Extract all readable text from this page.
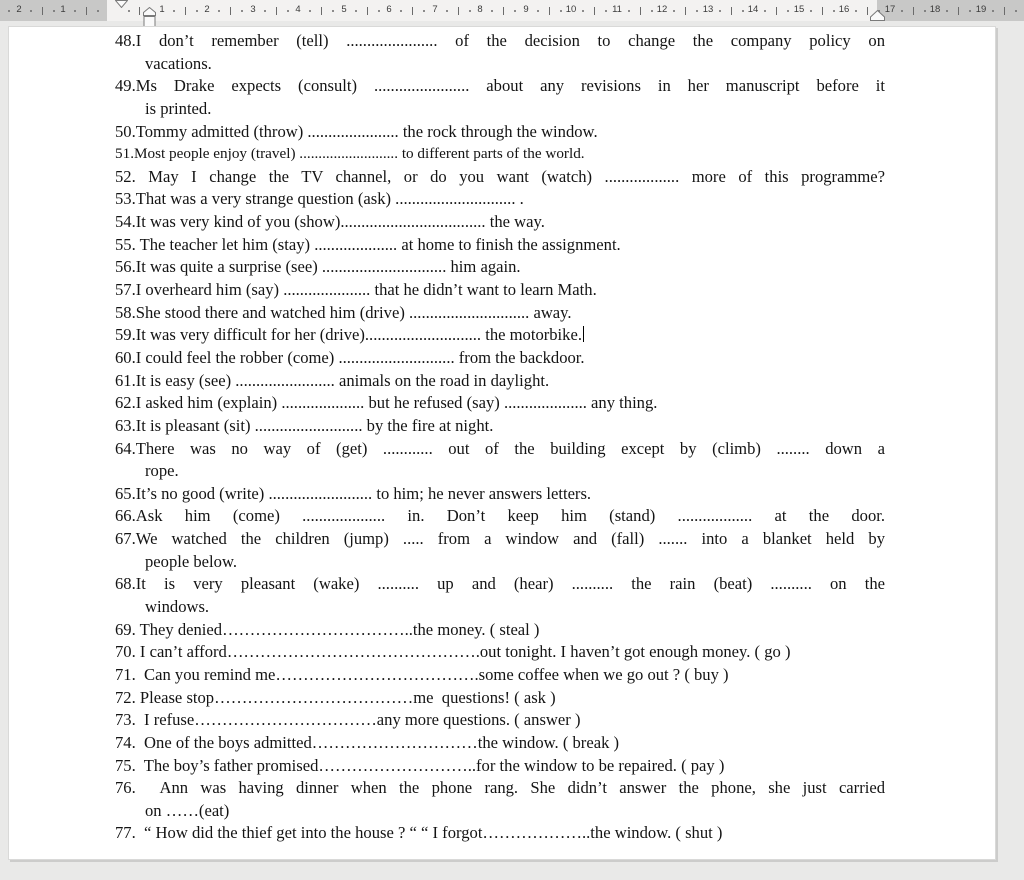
2	1	1	2	3	4	5	6	7	8	9	10	11	12	13	14	15	16	17	18	19
48.I don’t remember (tell) ...................... of the decision to change the company policy on
vacations.
49.Ms Drake expects (consult) ....................... about any revisions in her manuscript before it
is printed.
50.Tommy admitted (throw) ...................... the rock through the window.
51.Most people enjoy (travel) .......................... to different parts of the world.
52. May I change the TV channel, or do you want (watch) .................. more of this programme?
53.That was a very strange question (ask) ............................. .
54.It was very kind of you (show)................................... the way.
55. The teacher let him (stay) .................... at home to finish the assignment.
56.It was quite a surprise (see) .............................. him again.
57.I overheard him (say) ..................... that he didn’t want to learn Math.
58.She stood there and watched him (drive) ............................. away.
59.It was very difficult for her (drive)............................ the motorbike.
60.I could feel the robber (come) ............................ from the backdoor.
61.It is easy (see) ........................ animals on the road in daylight.
62.I asked him (explain) .................... but he refused (say) .................... any thing.
63.It is pleasant (sit) .......................... by the fire at night.
64.There was no way of (get) ............ out of the building except by (climb) ........ down a
rope.
65.It’s no good (write) ......................... to him; he never answers letters.
66.Ask him (come) .................... in. Don’t keep him (stand) .................. at the door.
67.We watched the children (jump) ..... from a window and (fall) ....... into a blanket held by
people below.
68.It is very pleasant (wake) .......... up and (hear) .......... the rain (beat) .......... on the
windows.
69. They denied……………………………..the money. ( steal )
70. I can’t afford……………………………………….out tonight. I haven’t got enough money. ( go )
71.  Can you remind me……………………………….some coffee when we go out ? ( buy )
72. Please stop………………………………me  questions! ( ask )
73.  I refuse……………………………any more questions. ( answer )
74.  One of the boys admitted…………………………the window. ( break )
75.  The boy’s father promised………………………..for the window to be repaired. ( pay )
76.  Ann was having dinner when the phone rang. She didn’t answer the phone, she just carried
on ……(eat)
77.  “ How did the thief get into the house ? “ “ I forgot………………..the window. ( shut )
